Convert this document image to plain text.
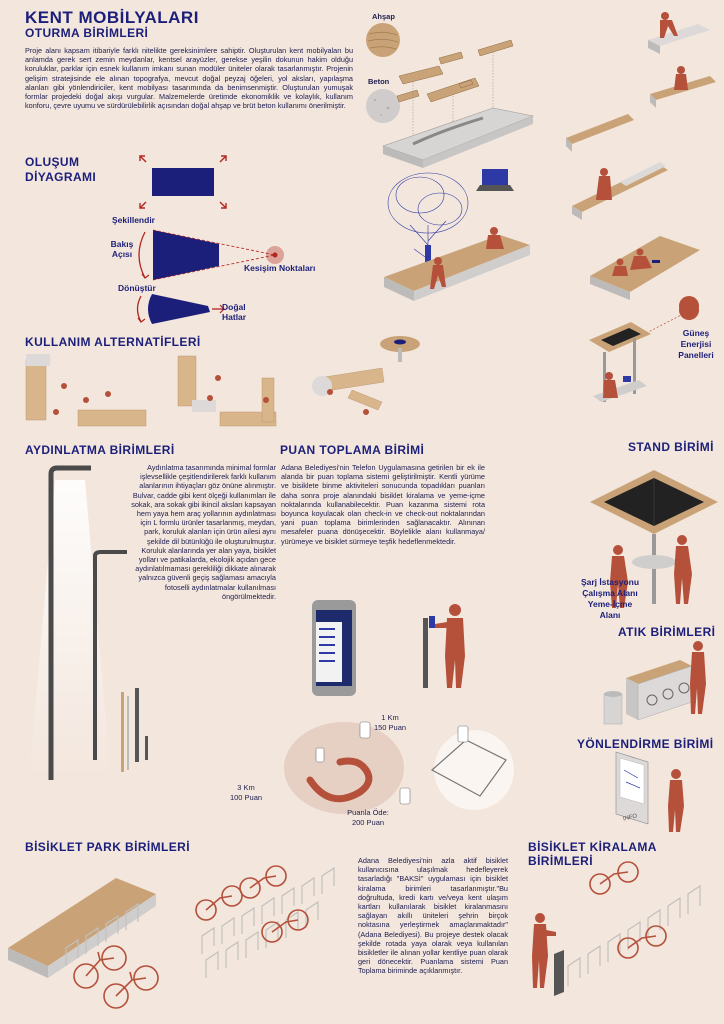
KENT MOBİLYALARI
OTURMA BİRİMLERİ
Proje alanı kapsam itibariyle farklı nitelikte gereksinimlere sahiptir. Oluşturulan kent mobilyaları bu anlamda gerek sert zemin meydanlar, kentsel arayüzler, gerekse yeşilin dokunun hakim olduğu koruluklar, parklar için esnek kullanım imkanı sunan modüler üniteler olarak tasarlanmıştır. Projenin gelişim stratejisinde ele alınan topografya, mevcut doğal peyzaj öğeleri, yol aksları, yapılaşma alanları gibi yönlendiriciler, kent mobilyası tasarımında da benimsenmiştir. Oluşturulan yumuşak formlar projedeki doğal akışı vurgular. Malzemelerde üretimde ekonomiklik ve kolaylık, kullanım konforu, çevre uyumu ve sürdürülebilirlik açısından doğal ahşap ve brüt beton kullanımı önerilmiştir.
OLUŞUM DİYAGRAMI
Şekillendir
Bakış Açısı
Kesişim Noktaları
Dönüştür
Doğal Hatlar
Ahşap
Beton
Güneş Enerjisi Panelleri
KULLANIM ALTERNATİFLERİ
AYDINLATMA BİRİMLERİ
Aydınlatma tasarımında minimal formlar işlevsellikle çeşitlendirilerek farklı kullanım alanlarının ihtiyaçları göz önüne alınmıştır. Bulvar, cadde gibi kent ölçeği kullanımları ile sokak, ara sokak gibi ikincil aksları kapsayan hem yaya hem araç yollarının aydınlatması için L formlu ürünler tasarlanmış, meydan, park, koruluk alanları için ürün ailesi aynı şekilde dil bütünlüğü ile oluşturulmuştur. Koruluk alanlarında yer alan yaya, bisiklet yolları ve patikalarda, ekolojik açıdan gece aydınlatılmaması gerekliliği dikkate alınarak yalnızca güvenli geçiş sağlaması amacıyla fotoselli aydınlatmalar kullanılması öngörülmektedir.
PUAN TOPLAMA BİRİMİ
Adana Belediyesi'nin Telefon Uygulamasına getirilen bir ek ile alanda bir puan toplama sistemi geliştirilmiştir. Kentli yürüme ve bisiklete binme aktiviteleri sonucunda topadıkları puanları daha sonra proje alanındaki bisiklet kiralama ve yeme-içme noktalarında kullanabilecektir. Puan kazanma sistemi rota boyunca koyulacak olan check-in ve check-out noktalarından yani puan toplama birimlerinden sağlanacaktır. Alınınan mesafeler puana dönüşecektir. Böylelikle alanı kullanmaya/ yürümeye ve bisiklet sürmeye teşfik hedeflenmektedir.
1 Km
150 Puan
3 Km
100 Puan
Puanla Öde:
200 Puan
STAND BİRİMİ
Şarj İstasyonu
Çalışma Alanı
Yeme-İçme Alanı
ATIK BİRİMLERİ
YÖNLENDİRME BİRİMİ
INFO
BİSİKLET PARK BİRİMLERİ	BİSİKLET KİRALAMA BİRİMLERİ
Adana Belediyesi'nin azla aktif bisiklet kullanıcısına ulaşılmak hedefleyerek tasarladığı "BAKSİ" uygulaması için bisiklet kiralama birimleri tasarlanmıştır."Bu doğrultuda, kredi kartı ve/veya kent ulaşım kartları kullanılarak bisiklet kiralanmasını sağlayan akıllı üniteleri şehrin birçok noktasına yerleştirmek amaçlanmaktadır" (Adana Belediyesi). Bu projeye destek olacak şekilde rotada yaya olarak veya kullanılan bisikletler ile alınan yollar kentliye puan olarak geri dönecektir. Puanlama sistemi Puan Toplama biriminde açıklanmıştır.
